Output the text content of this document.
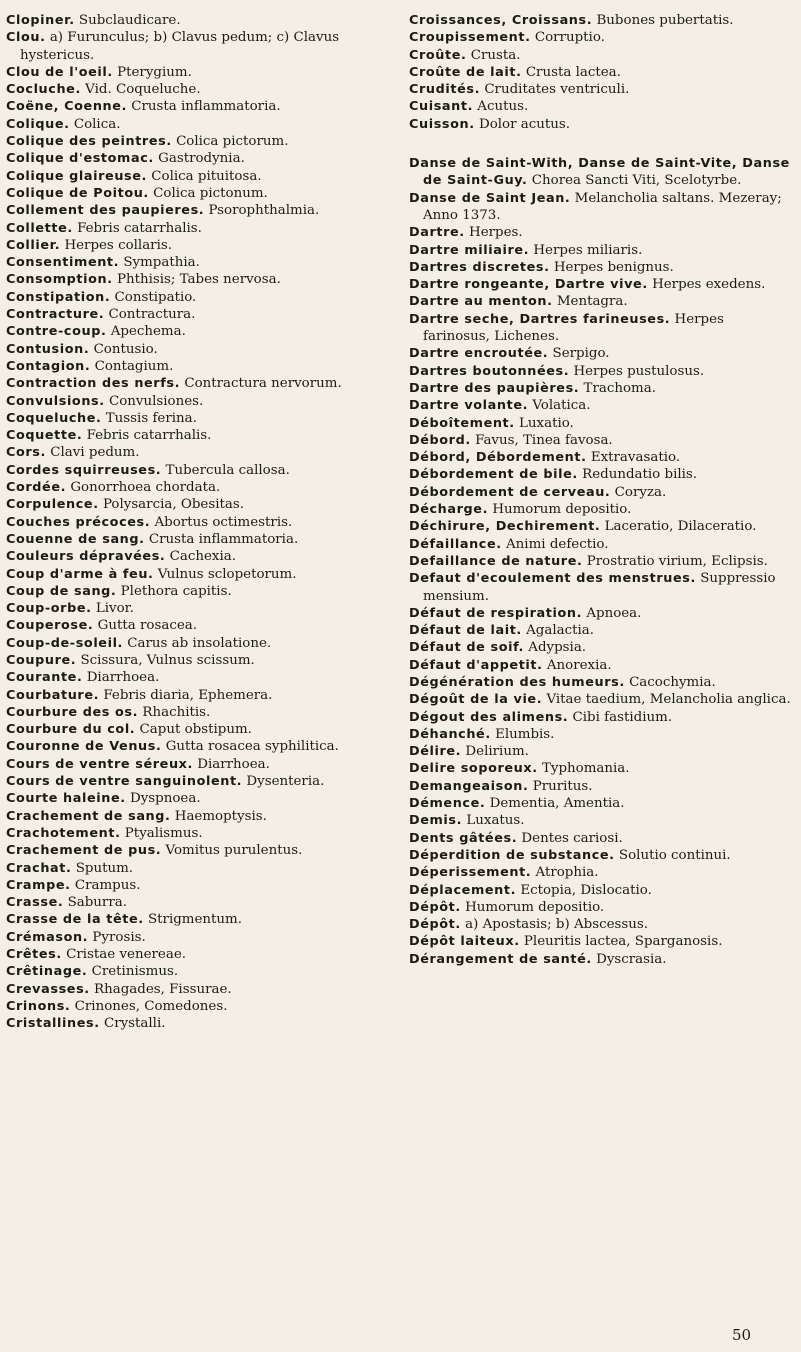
Clopiner. Subclaudicare.

Clou. a) Furunculus; b) Clavus pedum; c) Clavus hystericus.

Clou de l'oeil. Pterygium.

Cocluche. Vid. Coqueluche.

Coëne, Coenne. Crusta inflammatoria.

Colique. Colica.

Colique des peintres. Colica pictorum.

Colique d'estomac. Gastrodynia.

Colique glaireuse. Colica pituitosa.

Colique de Poitou. Colica pictonum.

Collement des paupieres. Psorophthalmia.

Collette. Febris catarrhalis.

Collier. Herpes collaris.

Consentiment. Sympathia.

Consomption. Phthisis; Tabes nervosa.

Constipation. Constipatio.

Contracture. Contractura.

Contre-coup. Apechema.

Contusion. Contusio.

Contagion. Contagium.

Contraction des nerfs. Contractura nervorum.

Convulsions. Convulsiones.

Coqueluche. Tussis ferina.

Coquette. Febris catarrhalis.

Cors. Clavi pedum.

Cordes squirreuses. Tubercula callosa.

Cordée. Gonorrhoea chordata.

Corpulence. Polysarcia, Obesitas.

Couches précoces. Abortus octimestris.

Couenne de sang. Crusta inflammatoria.

Couleurs dépravées. Cachexia.

Coup d'arme à feu. Vulnus sclopetorum.

Coup de sang. Plethora capitis.

Coup-orbe. Livor.

Couperose. Gutta rosacea.

Coup-de-soleil. Carus ab insolatione.

Coupure. Scissura, Vulnus scissum.

Courante. Diarrhoea.

Courbature. Febris diaria, Ephemera.

Courbure des os. Rhachitis.

Courbure du col. Caput obstipum.

Couronne de Venus. Gutta rosacea syphilitica.

Cours de ventre séreux. Diarrhoea.

Cours de ventre sanguinolent. Dysenteria.

Courte haleine. Dyspnoea.

Crachement de sang. Haemoptysis.

Crachotement. Ptyalismus.

Crachement de pus. Vomitus purulentus.

Crachat. Sputum.

Crampe. Crampus.

Crasse. Saburra.

Crasse de la tête. Strigmentum.

Crémason. Pyrosis.

Crêtes. Cristae venereae.

Crêtinage. Cretinismus.

Crevasses. Rhagades, Fissurae.

Crinons. Crinones, Comedones.

Cristallines. Crystalli.

Croissances, Croissans. Bubones pubertatis.

Croupissement. Corruptio.

Croûte. Crusta.

Croûte de lait. Crusta lactea.

Crudités. Cruditates ventriculi.

Cuisant. Acutus.

Cuisson. Dolor acutus.

Danse de Saint-With, Danse de Saint-Vite, Danse de Saint-Guy. Chorea Sancti Viti, Scelotyrbe.

Danse de Saint Jean. Melancholia saltans. Mezeray; Anno 1373.

Dartre. Herpes.

Dartre miliaire. Herpes miliaris.

Dartres discretes. Herpes benignus.

Dartre rongeante, Dartre vive. Herpes exedens.

Dartre au menton. Mentagra.

Dartre seche, Dartres farineuses. Herpes farinosus, Lichenes.

Dartre encroutée. Serpigo.

Dartres boutonnées. Herpes pustulosus.

Dartre des paupières. Trachoma.

Dartre volante. Volatica.

Déboîtement. Luxatio.

Débord. Favus, Tinea favosa.

Débord, Débordement. Extravasatio.

Débordement de bile. Redundatio bilis.

Débordement de cerveau. Coryza.

Décharge. Humorum depositio.

Déchirure, Dechirement. Laceratio, Dilaceratio.

Défaillance. Animi defectio.

Defaillance de nature. Prostratio virium, Eclipsis.

Defaut d'ecoulement des menstrues. Suppressio mensium.

Défaut de respiration. Apnoea.

Défaut de lait. Agalactia.

Défaut de soif. Adypsia.

Défaut d'appetit. Anorexia.

Dégénération des humeurs. Cacochymia.

Dégoût de la vie. Vitae taedium, Melancholia anglica.

Dégout des alimens. Cibi fastidium.

Déhanché. Elumbis.

Délire. Delirium.

Delire soporeux. Typhomania.

Demangeaison. Pruritus.

Démence. Dementia, Amentia.

Demis. Luxatus.

Dents gâtées. Dentes cariosi.

Déperdition de substance. Solutio continui.

Déperissement. Atrophia.

Déplacement. Ectopia, Dislocatio.

Dépôt. Humorum depositio.

Dépôt. a) Apostasis; b) Abscessus.

Dépôt laiteux. Pleuritis lactea, Sparganosis.

Dérangement de santé. Dyscrasia.

50
